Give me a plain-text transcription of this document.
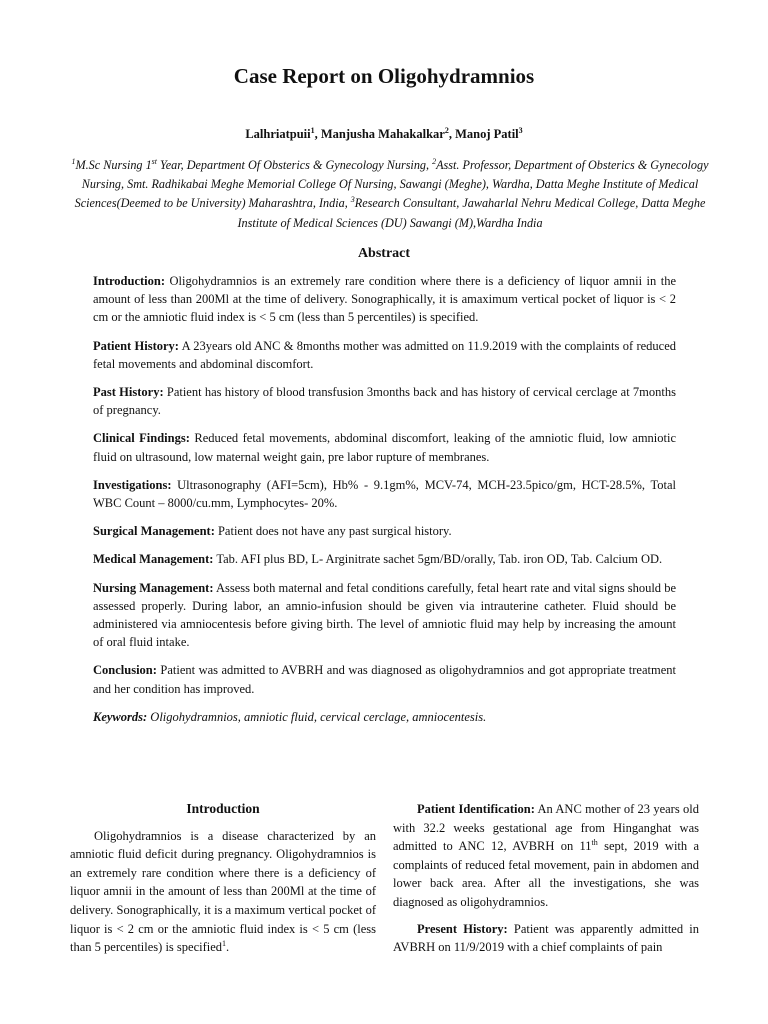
Case Report on Oligohydramnios
Lalhriatpuii$^1$, Manjusha Mahakalkar$^2$, Manoj Patil$^3$
$^1$M.Sc Nursing 1st Year, Department Of Obsterics & Gynecology Nursing, $^2$Asst. Professor, Department of Obsterics & Gynecology Nursing, Smt. Radhikabai Meghe Memorial College Of Nursing, Sawangi (Meghe), Wardha, Datta Meghe Institute of Medical Sciences(Deemed to be University) Maharashtra, India, $^3$Research Consultant, Jawaharlal Nehru Medical College, Datta Meghe Institute of Medical Sciences (DU) Sawangi (M),Wardha India
Abstract

Introduction: Oligohydramnios is an extremely rare condition where there is a deficiency of liquor amnii in the amount of less than 200Ml at the time of delivery. Sonographically, it is amaximum vertical pocket of liquor is < 2 cm or the amniotic fluid index is < 5 cm (less than 5 percentiles) is specified.

Patient History: A 23years old ANC & 8months mother was admitted on 11.9.2019 with the complaints of reduced fetal movements and abdominal discomfort.

Past History: Patient has history of blood transfusion 3months back and has history of cervical cerclage at 7months of pregnancy.

Clinical Findings: Reduced fetal movements, abdominal discomfort, leaking of the amniotic fluid, low amniotic fluid on ultrasound, low maternal weight gain, pre labor rupture of membranes.

Investigations: Ultrasonography (AFI=5cm), Hb% - 9.1gm%, MCV-74, MCH-23.5pico/gm, HCT-28.5%, Total WBC Count – 8000/cu.mm, Lymphocytes- 20%.

Surgical Management: Patient does not have any past surgical history.

Medical Management: Tab. AFI plus BD, L- Arginitrate sachet 5gm/BD/orally, Tab. iron OD, Tab. Calcium OD.

Nursing Management: Assess both maternal and fetal conditions carefully, fetal heart rate and vital signs should be assessed properly. During labor, an amnio-infusion should be given via intrauterine catheter. Fluid should be administered via amniocentesis before giving birth. The level of amniotic fluid may help by increasing the amount of oral fluid intake.

Conclusion: Patient was admitted to AVBRH and was diagnosed as oligohydramnios and got appropriate treatment and her condition has improved.

Keywords: Oligohydramnios, amniotic fluid, cervical cerclage, amniocentesis.

Introduction

Oligohydramnios is a disease characterized by an amniotic fluid deficit during pregnancy. Oligohydramnios is an extremely rare condition where there is a deficiency of liquor amnii in the amount of less than 200Ml at the time of delivery. Sonographically, it is a maximum vertical pocket of liquor is < 2 cm or the amniotic fluid index is < 5 cm (less than 5 percentiles) is specified$^1$.

Patient Identification: An ANC mother of 23 years old with 32.2 weeks gestational age from Hinganghat was admitted to ANC 12, AVBRH on 11th sept, 2019 with a complaints of reduced fetal movement, pain in abdomen and lower back area. After all the investigations, she was diagnosed as oligohydramnios.

Present History: Patient was apparently admitted in AVBRH on 11/9/2019 with a chief complaints of pain
